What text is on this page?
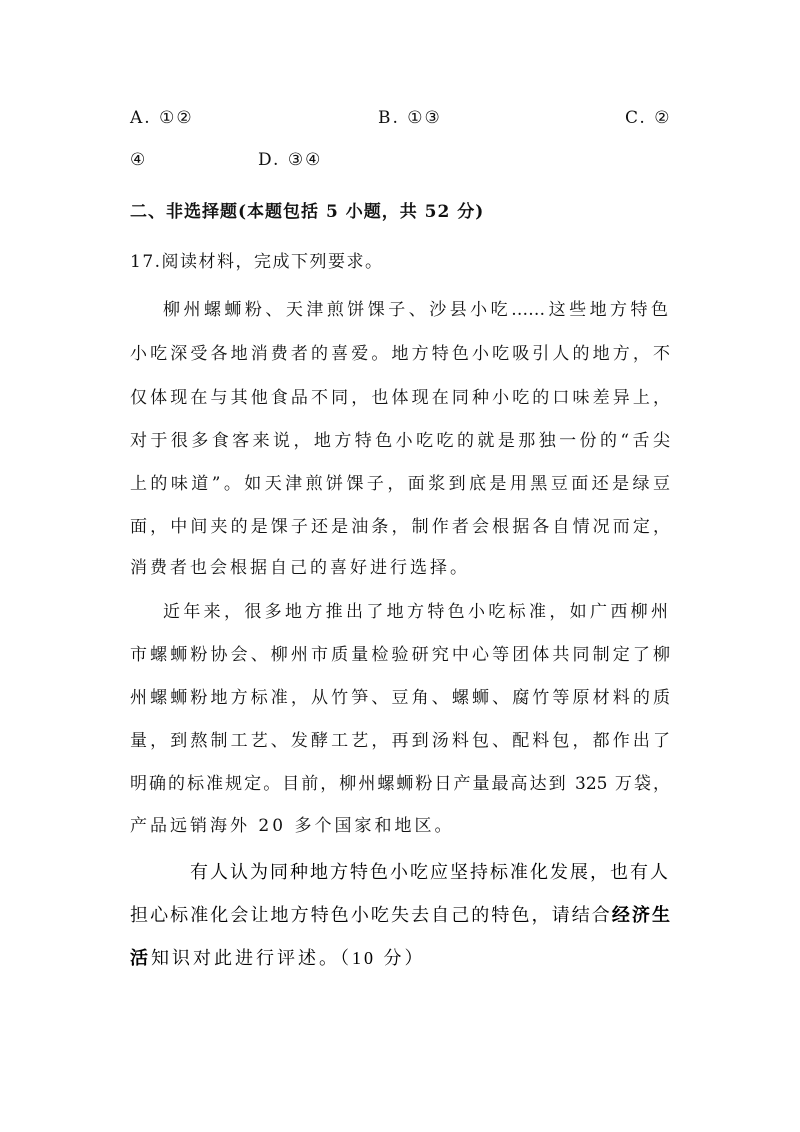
A. ①②	B. ①③	C. ②
④	D. ③④
二、非选择题(本题包括 5 小题，共 52 分)
17.阅读材料，完成下列要求。
柳州螺蛳粉、天津煎饼馃子、沙县小吃……这些地方特色
小吃深受各地消费者的喜爱。地方特色小吃吸引人的地方，不
仅体现在与其他食品不同，也体现在同种小吃的口味差异上，
对于很多食客来说，地方特色小吃吃的就是那独一份的“舌尖
上的味道”。如天津煎饼馃子，面浆到底是用黑豆面还是绿豆
面，中间夹的是馃子还是油条，制作者会根据各自情况而定，
消费者也会根据自己的喜好进行选择。
近年来，很多地方推出了地方特色小吃标准，如广西柳州
市螺蛳粉协会、柳州市质量检验研究中心等团体共同制定了柳
州螺蛳粉地方标准，从竹笋、豆角、螺蛳、腐竹等原材料的质
量，到熬制工艺、发酵工艺，再到汤料包、配料包，都作出了
明确的标准规定。目前，柳州螺蛳粉日产量最高达到 325 万袋，
产品远销海外 20 多个国家和地区。
有人认为同种地方特色小吃应坚持标准化发展，也有人
担心标准化会让地方特色小吃失去自己的特色，请结合经济生
活知识对此进行评述。（10 分）
